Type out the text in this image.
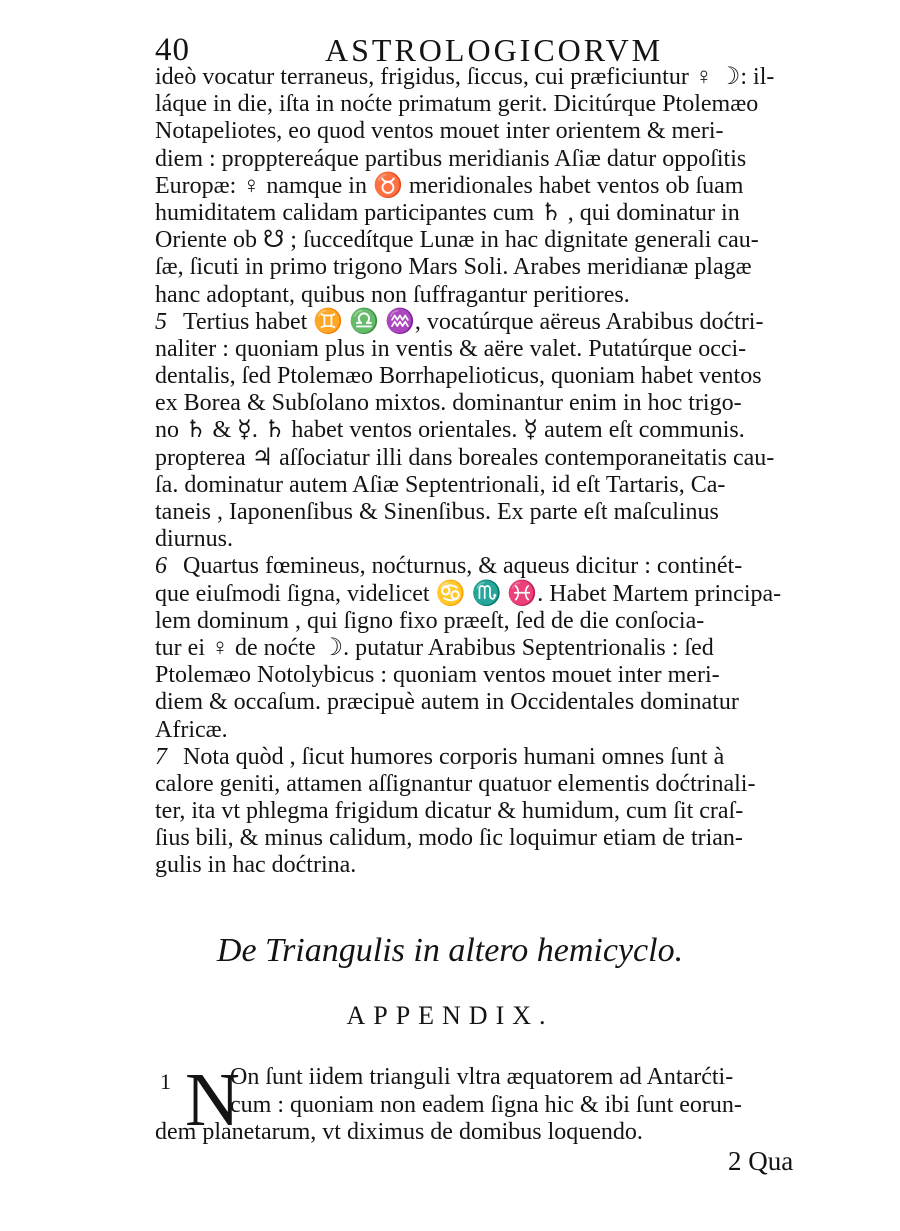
40	ASTROLOGICORVM
ideò vocatur terraneus, frigidus, ſiccus, cui præficiuntur ♀ ☽: il-
láque in die, iſta in noćte primatum gerit. Dicitúrque Ptolemæo
Notapeliotes, eo quod ventos mouet inter orientem & meri-
diem : propptereáque partibus meridianis Aſiæ datur oppoſitis
Europæ: ♀ namque in ♉ meridionales habet ventos ob ſuam
humiditatem calidam participantes cum ♄ , qui dominatur in
Oriente ob ☋ ; ſuccedítque Lunæ in hac dignitate generali cau-
ſæ, ſicuti in primo trigono Mars Soli. Arabes meridianæ plagæ
hanc adoptant, quibus non ſuffragantur peritiores.
5 Tertius habet ♊ ♎ ♒, vocatúrque aëreus Arabibus doćtri-
naliter : quoniam plus in ventis & aëre valet. Putatúrque occi-
dentalis, ſed Ptolemæo Borrhapelioticus, quoniam habet ventos
ex Borea & Subſolano mixtos. dominantur enim in hoc trigo-
no ♄ & ☿. ♄ habet ventos orientales. ☿ autem eſt communis.
propterea ♃ aſſociatur illi dans boreales contemporaneitatis cau-
ſa. dominatur autem Aſiæ Septentrionali, id eſt Tartaris, Ca-
taneis , Iaponenſibus & Sinenſibus. Ex parte eſt maſculinus
diurnus.
6 Quartus fœmineus, noćturnus, & aqueus dicitur : continét-
que eiuſmodi ſigna, videlicet ♋ ♏ ♓. Habet Martem principa-
lem dominum , qui ſigno fixo præeſt, ſed de die conſocia-
tur ei ♀ de noćte ☽. putatur Arabibus Septentrionalis : ſed
Ptolemæo Notolybicus : quoniam ventos mouet inter meri-
diem & occaſum. præcipuè autem in Occidentales dominatur
Africæ.
7 Nota quòd , ſicut humores corporis humani omnes ſunt à
calore geniti, attamen aſſignantur quatuor elementis doćtrinali-
ter, ita vt phlegma frigidum dicatur & humidum, cum ſit craſ-
ſius bili, & minus calidum, modo ſic loquimur etiam de trian-
gulis in hac doćtrina.
De Triangulis in altero hemicyclo.
APPENDIX.
1 N
On ſunt iidem trianguli vltra æquatorem ad Antarćti-
cum : quoniam non eadem ſigna hic & ibi ſunt eorun-
dem planetarum, vt diximus de domibus loquendo.
2 Qua
